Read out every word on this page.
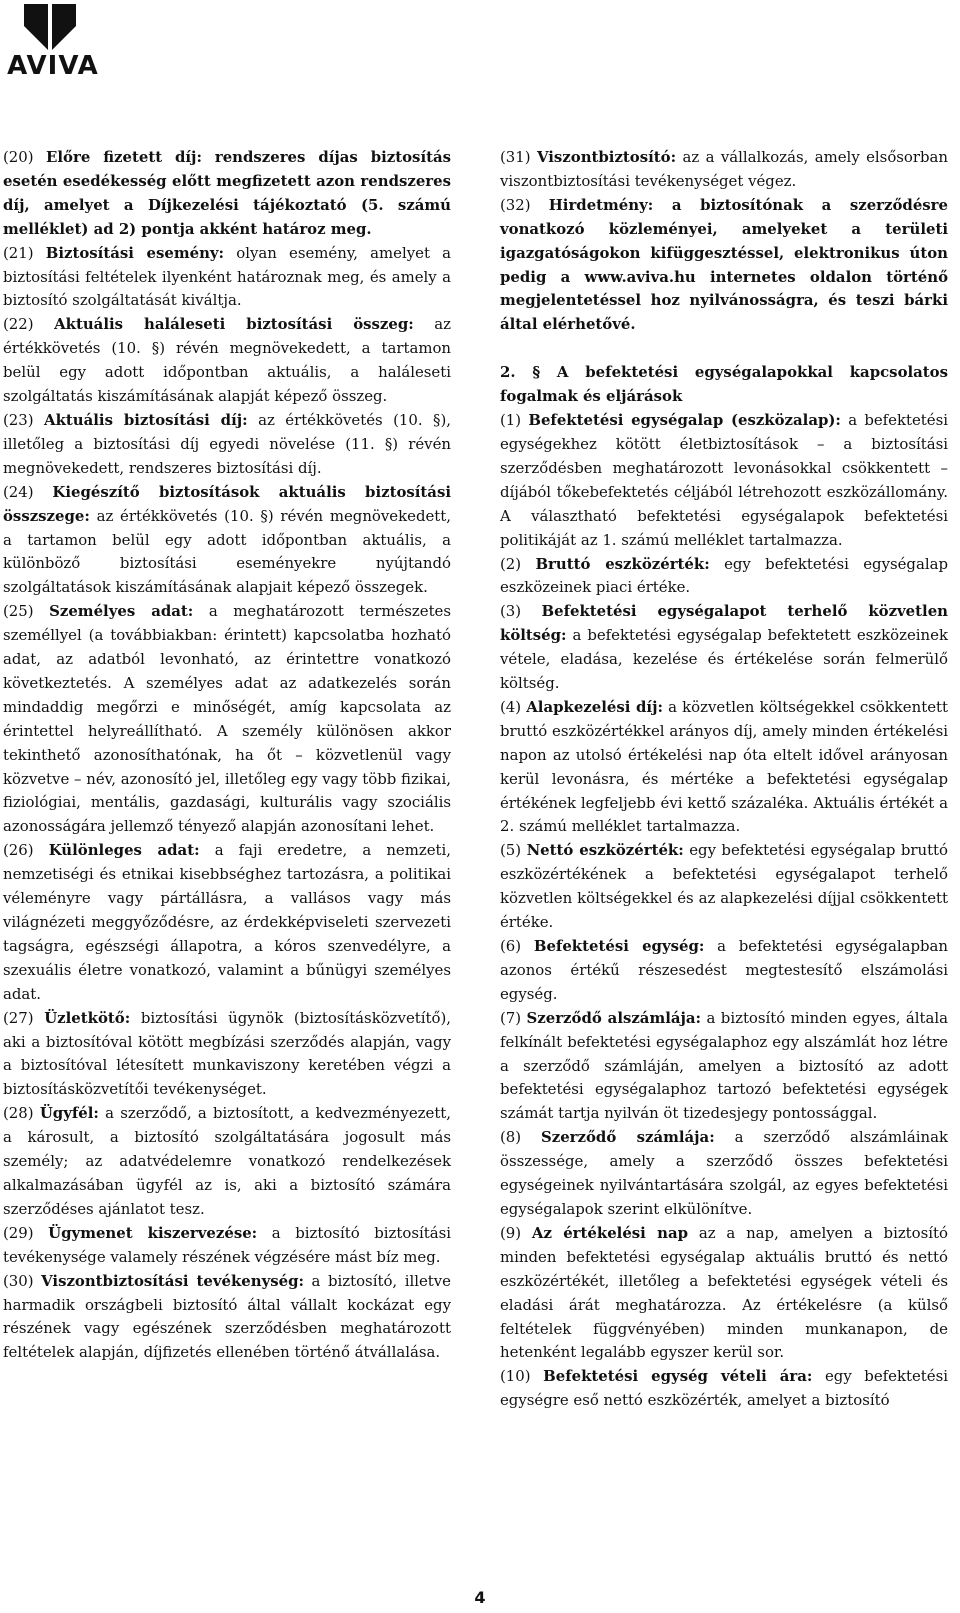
AVIVA

(20) Előre fizetett díj: rendszeres díjas biztosítás esetén esedékesség előtt megfizetett azon rendszeres díj, amelyet a Díjkezelési tájékoztató (5. számú melléklet) ad 2) pontja akként határoz meg.

(21) Biztosítási esemény: olyan esemény, amelyet a biztosítási feltételek ilyenként határoznak meg, és amely a biztosító szolgáltatását kiváltja.

(22) Aktuális haláleseti biztosítási összeg: az értékkövetés (10. §) révén megnövekedett, a tartamon belül egy adott időpontban aktuális, a haláleseti szolgáltatás kiszámításának alapját képező összeg.

(23) Aktuális biztosítási díj: az értékkövetés (10. §), illetőleg a biztosítási díj egyedi növelése (11. §) révén megnövekedett, rendszeres biztosítási díj.

(24) Kiegészítő biztosítások aktuális biztosítási összszege: az értékkövetés (10. §) révén megnövekedett, a tartamon belül egy adott időpontban aktuális, a különböző biztosítási eseményekre nyújtandó szolgáltatások kiszámításának alapjait képező összegek.

(25) Személyes adat: a meghatározott természetes személlyel (a továbbiakban: érintett) kapcsolatba hozható adat, az adatból levonható, az érintettre vonatkozó következtetés. A személyes adat az adatkezelés során mindaddig megőrzi e minőségét, amíg kapcsolata az érintettel helyreállítható. A személy különösen akkor tekinthető azonosíthatónak, ha őt – közvetlenül vagy közvetve – név, azonosító jel, illetőleg egy vagy több fizikai, fiziológiai, mentális, gazdasági, kulturális vagy szociális azonosságára jellemző tényező alapján azonosítani lehet.

(26) Különleges adat: a faji eredetre, a nemzeti, nemzetiségi és etnikai kisebbséghez tartozásra, a politikai véleményre vagy pártállásra, a vallásos vagy más világnézeti meggyőződésre, az érdekképviseleti szervezeti tagságra, egészségi állapotra, a kóros szenvedélyre, a szexuális életre vonatkozó, valamint a bűnügyi személyes adat.

(27) Üzletkötő: biztosítási ügynök (biztosításközvetítő), aki a biztosítóval kötött megbízási szerződés alapján, vagy a biztosítóval létesített munkaviszony keretében végzi a biztosításközvetítői tevékenységet.

(28) Ügyfél: a szerződő, a biztosított, a kedvezményezett, a károsult, a biztosító szolgáltatására jogosult más személy; az adatvédelemre vonatkozó rendelkezések alkalmazásában ügyfél az is, aki a biztosító számára szerződéses ajánlatot tesz.

(29) Ügymenet kiszervezése: a biztosító biztosítási tevékenysége valamely részének végzésére mást bíz meg.

(30) Viszontbiztosítási tevékenység: a biztosító, illetve harmadik országbeli biztosító által vállalt kockázat egy részének vagy egészének szerződésben meghatározott feltételek alapján, díjfizetés ellenében történő átvállalása.

(31) Viszontbiztosító: az a vállalkozás, amely elsősorban viszontbiztosítási tevékenységet végez.

(32) Hirdetmény: a biztosítónak a szerződésre vonatkozó közleményei, amelyeket a területi igazgatóságokon kifüggesztéssel, elektronikus úton pedig a www.aviva.hu internetes oldalon történő megjelentetéssel hoz nyilvánosságra, és teszi bárki által elérhetővé.

2. § A befektetési egységalapokkal kapcsolatos fogalmak és eljárások

(1) Befektetési egységalap (eszközalap): a befektetési egységekhez kötött életbiztosítások – a biztosítási szerződésben meghatározott levonásokkal csökkentett – díjából tőkebefektetés céljából létrehozott eszközállomány. A választható befektetési egységalapok befektetési politikáját az 1. számú melléklet tartalmazza.

(2) Bruttó eszközérték: egy befektetési egységalap eszközeinek piaci értéke.

(3) Befektetési egységalapot terhelő közvetlen költség: a befektetési egységalap befektetett eszközeinek vétele, eladása, kezelése és értékelése során felmerülő költség.

(4) Alapkezelési díj: a közvetlen költségekkel csökkentett bruttó eszközértékkel arányos díj, amely minden értékelési napon az utolsó értékelési nap óta eltelt idővel arányosan kerül levonásra, és mértéke a befektetési egységalap értékének legfeljebb évi kettő százaléka. Aktuális értékét a 2. számú melléklet tartalmazza.

(5) Nettó eszközérték: egy befektetési egységalap bruttó eszközértékének a befektetési egységalapot terhelő közvetlen költségekkel és az alapkezelési díjjal csökkentett értéke.

(6) Befektetési egység: a befektetési egységalapban azonos értékű részesedést megtestesítő elszámolási egység.

(7) Szerződő alszámlája: a biztosító minden egyes, általa felkínált befektetési egységalaphoz egy alszámlát hoz létre a szerződő számláján, amelyen a biztosító az adott befektetési egységalaphoz tartozó befektetési egységek számát tartja nyilván öt tizedesjegy pontossággal.

(8) Szerződő számlája: a szerződő alszámláinak összessége, amely a szerződő összes befektetési egységeinek nyilvántartására szolgál, az egyes befektetési egységalapok szerint elkülönítve.

(9) Az értékelési nap az a nap, amelyen a biztosító minden befektetési egységalap aktuális bruttó és nettó eszközértékét, illetőleg a befektetési egységek vételi és eladási árát meghatározza. Az értékelésre (a külső feltételek függvényében) minden munkanapon, de hetenként legalább egyszer kerül sor.

(10) Befektetési egység vételi ára: egy befektetési egységre eső nettó eszközérték, amelyet a biztosító

4
